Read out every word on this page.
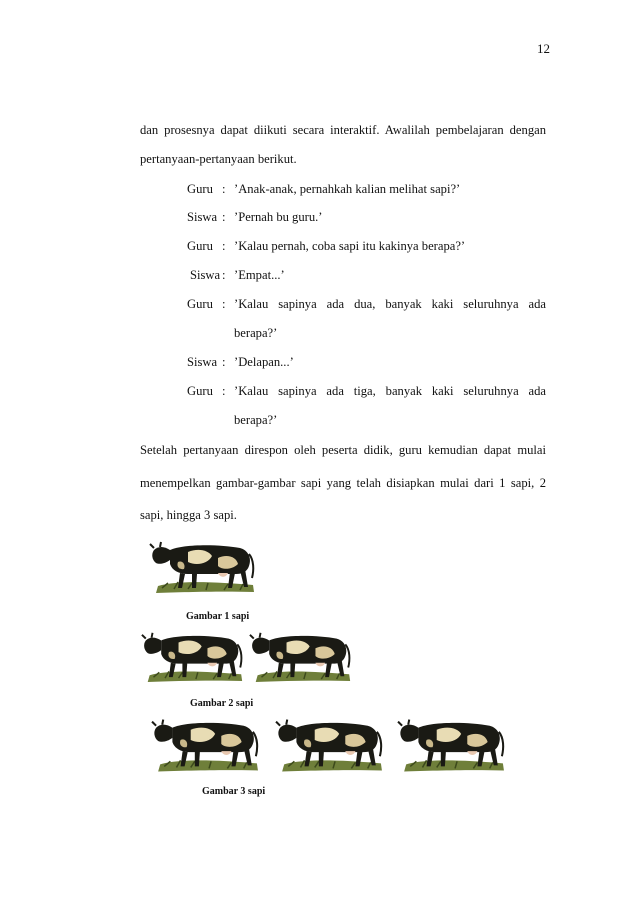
12
dan prosesnya dapat diikuti secara interaktif. Awalilah pembelajaran dengan
pertanyaan-pertanyaan berikut.
Guru : ’Anak-anak, pernahkah kalian melihat sapi?’
Siswa : ’Pernah bu guru.’
Guru : ’Kalau pernah, coba sapi itu kakinya berapa?’
Siswa : ’Empat...’
Guru : ’Kalau sapinya ada dua, banyak kaki seluruhnya ada
berapa?’
Siswa : ’Delapan...’
Guru : ’Kalau sapinya ada tiga, banyak kaki seluruhnya ada
berapa?’
Setelah pertanyaan direspon oleh peserta didik, guru kemudian dapat mulai
menempelkan gambar-gambar sapi yang telah disiapkan mulai dari 1 sapi, 2
sapi, hingga 3 sapi.
Gambar 1 sapi
Gambar 2 sapi
Gambar 3 sapi
